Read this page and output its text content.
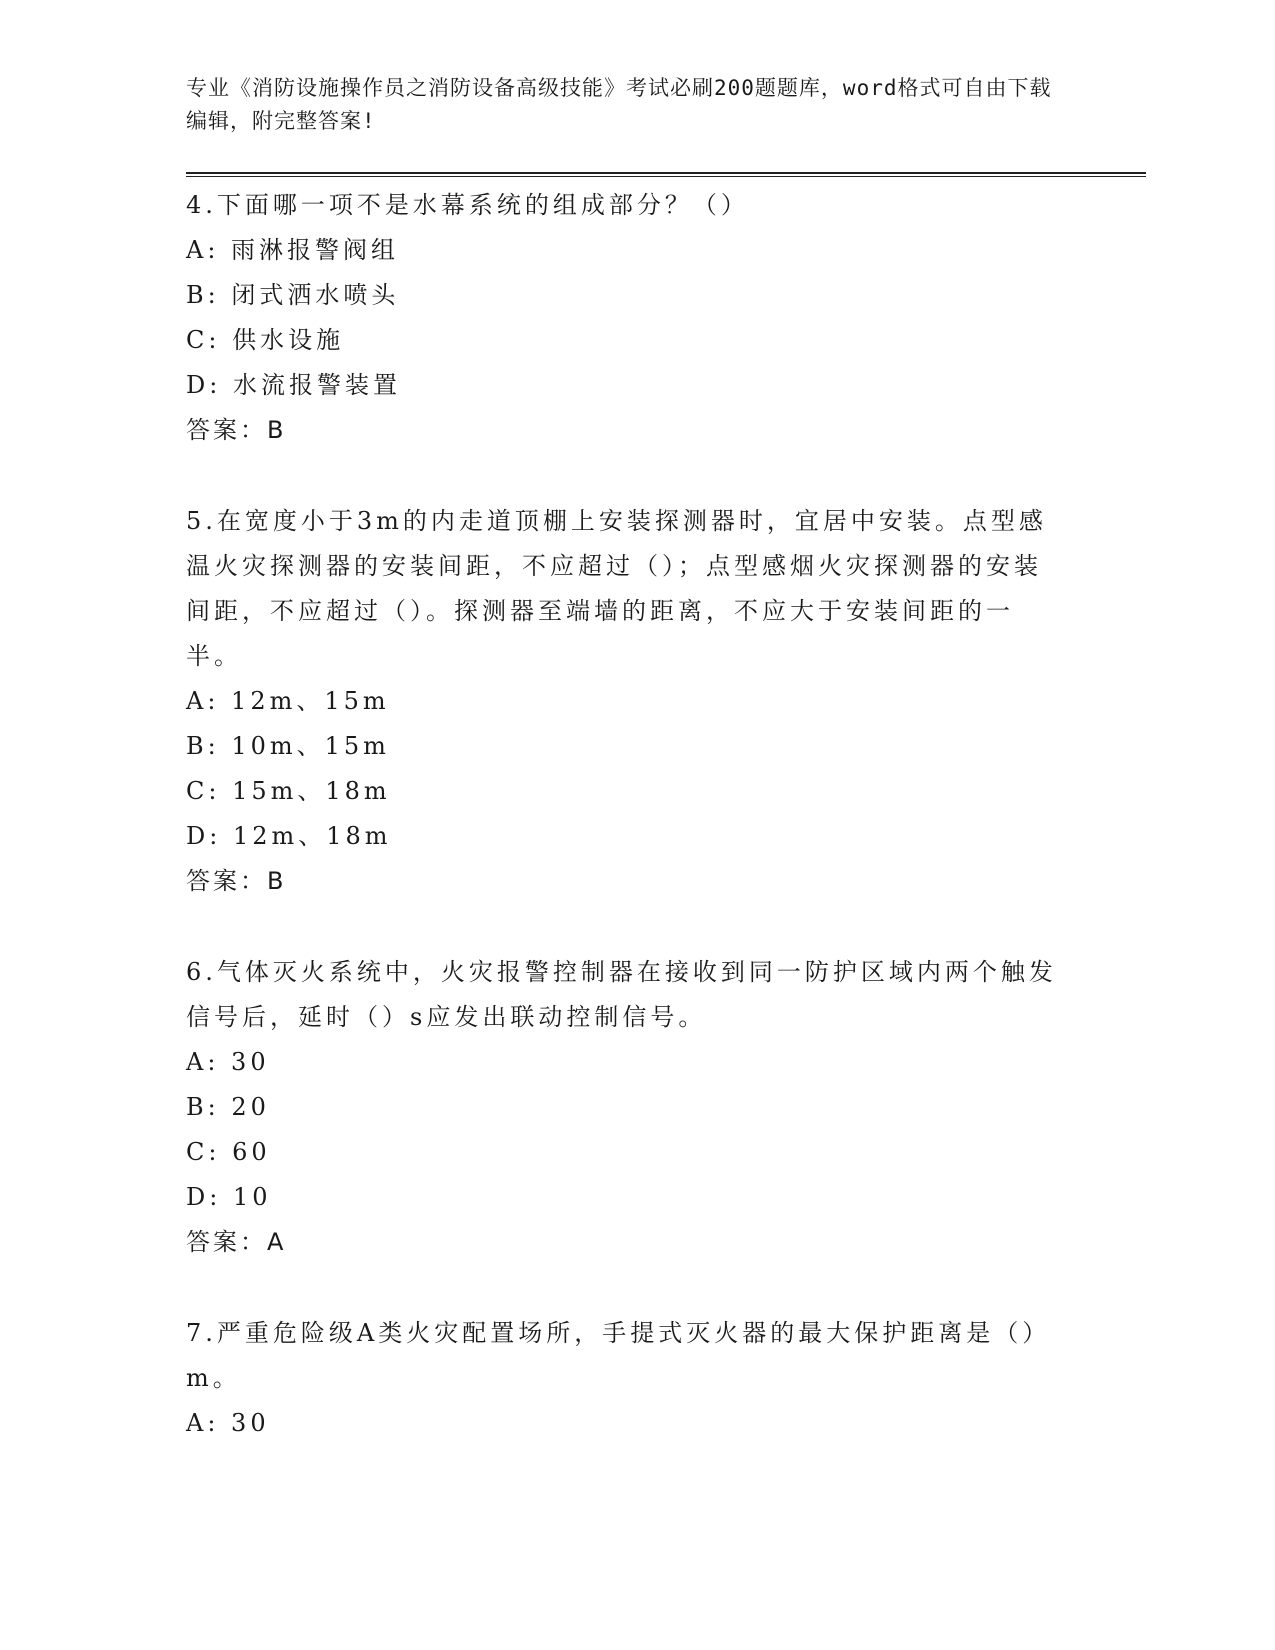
专业《消防设施操作员之消防设备高级技能》考试必刷200题题库，word格式可自由下载编辑，附完整答案!

4.下面哪一项不是水幕系统的组成部分？（）

A: 雨淋报警阀组

B: 闭式洒水喷头

C: 供水设施

D: 水流报警装置

答案：B

5.在宽度小于3m的内走道顶棚上安装探测器时，宜居中安装。点型感温火灾探测器的安装间距，不应超过（）；点型感烟火灾探测器的安装间距，不应超过（）。探测器至端墙的距离，不应大于安装间距的一半。

A: 12m、15m

B: 10m、15m

C: 15m、18m

D: 12m、18m

答案：B

6.气体灭火系统中，火灾报警控制器在接收到同一防护区域内两个触发信号后，延时（）s应发出联动控制信号。

A: 30

B: 20

C: 60

D: 10

答案：A

7.严重危险级A类火灾配置场所，手提式灭火器的最大保护距离是（）m。

A: 30
